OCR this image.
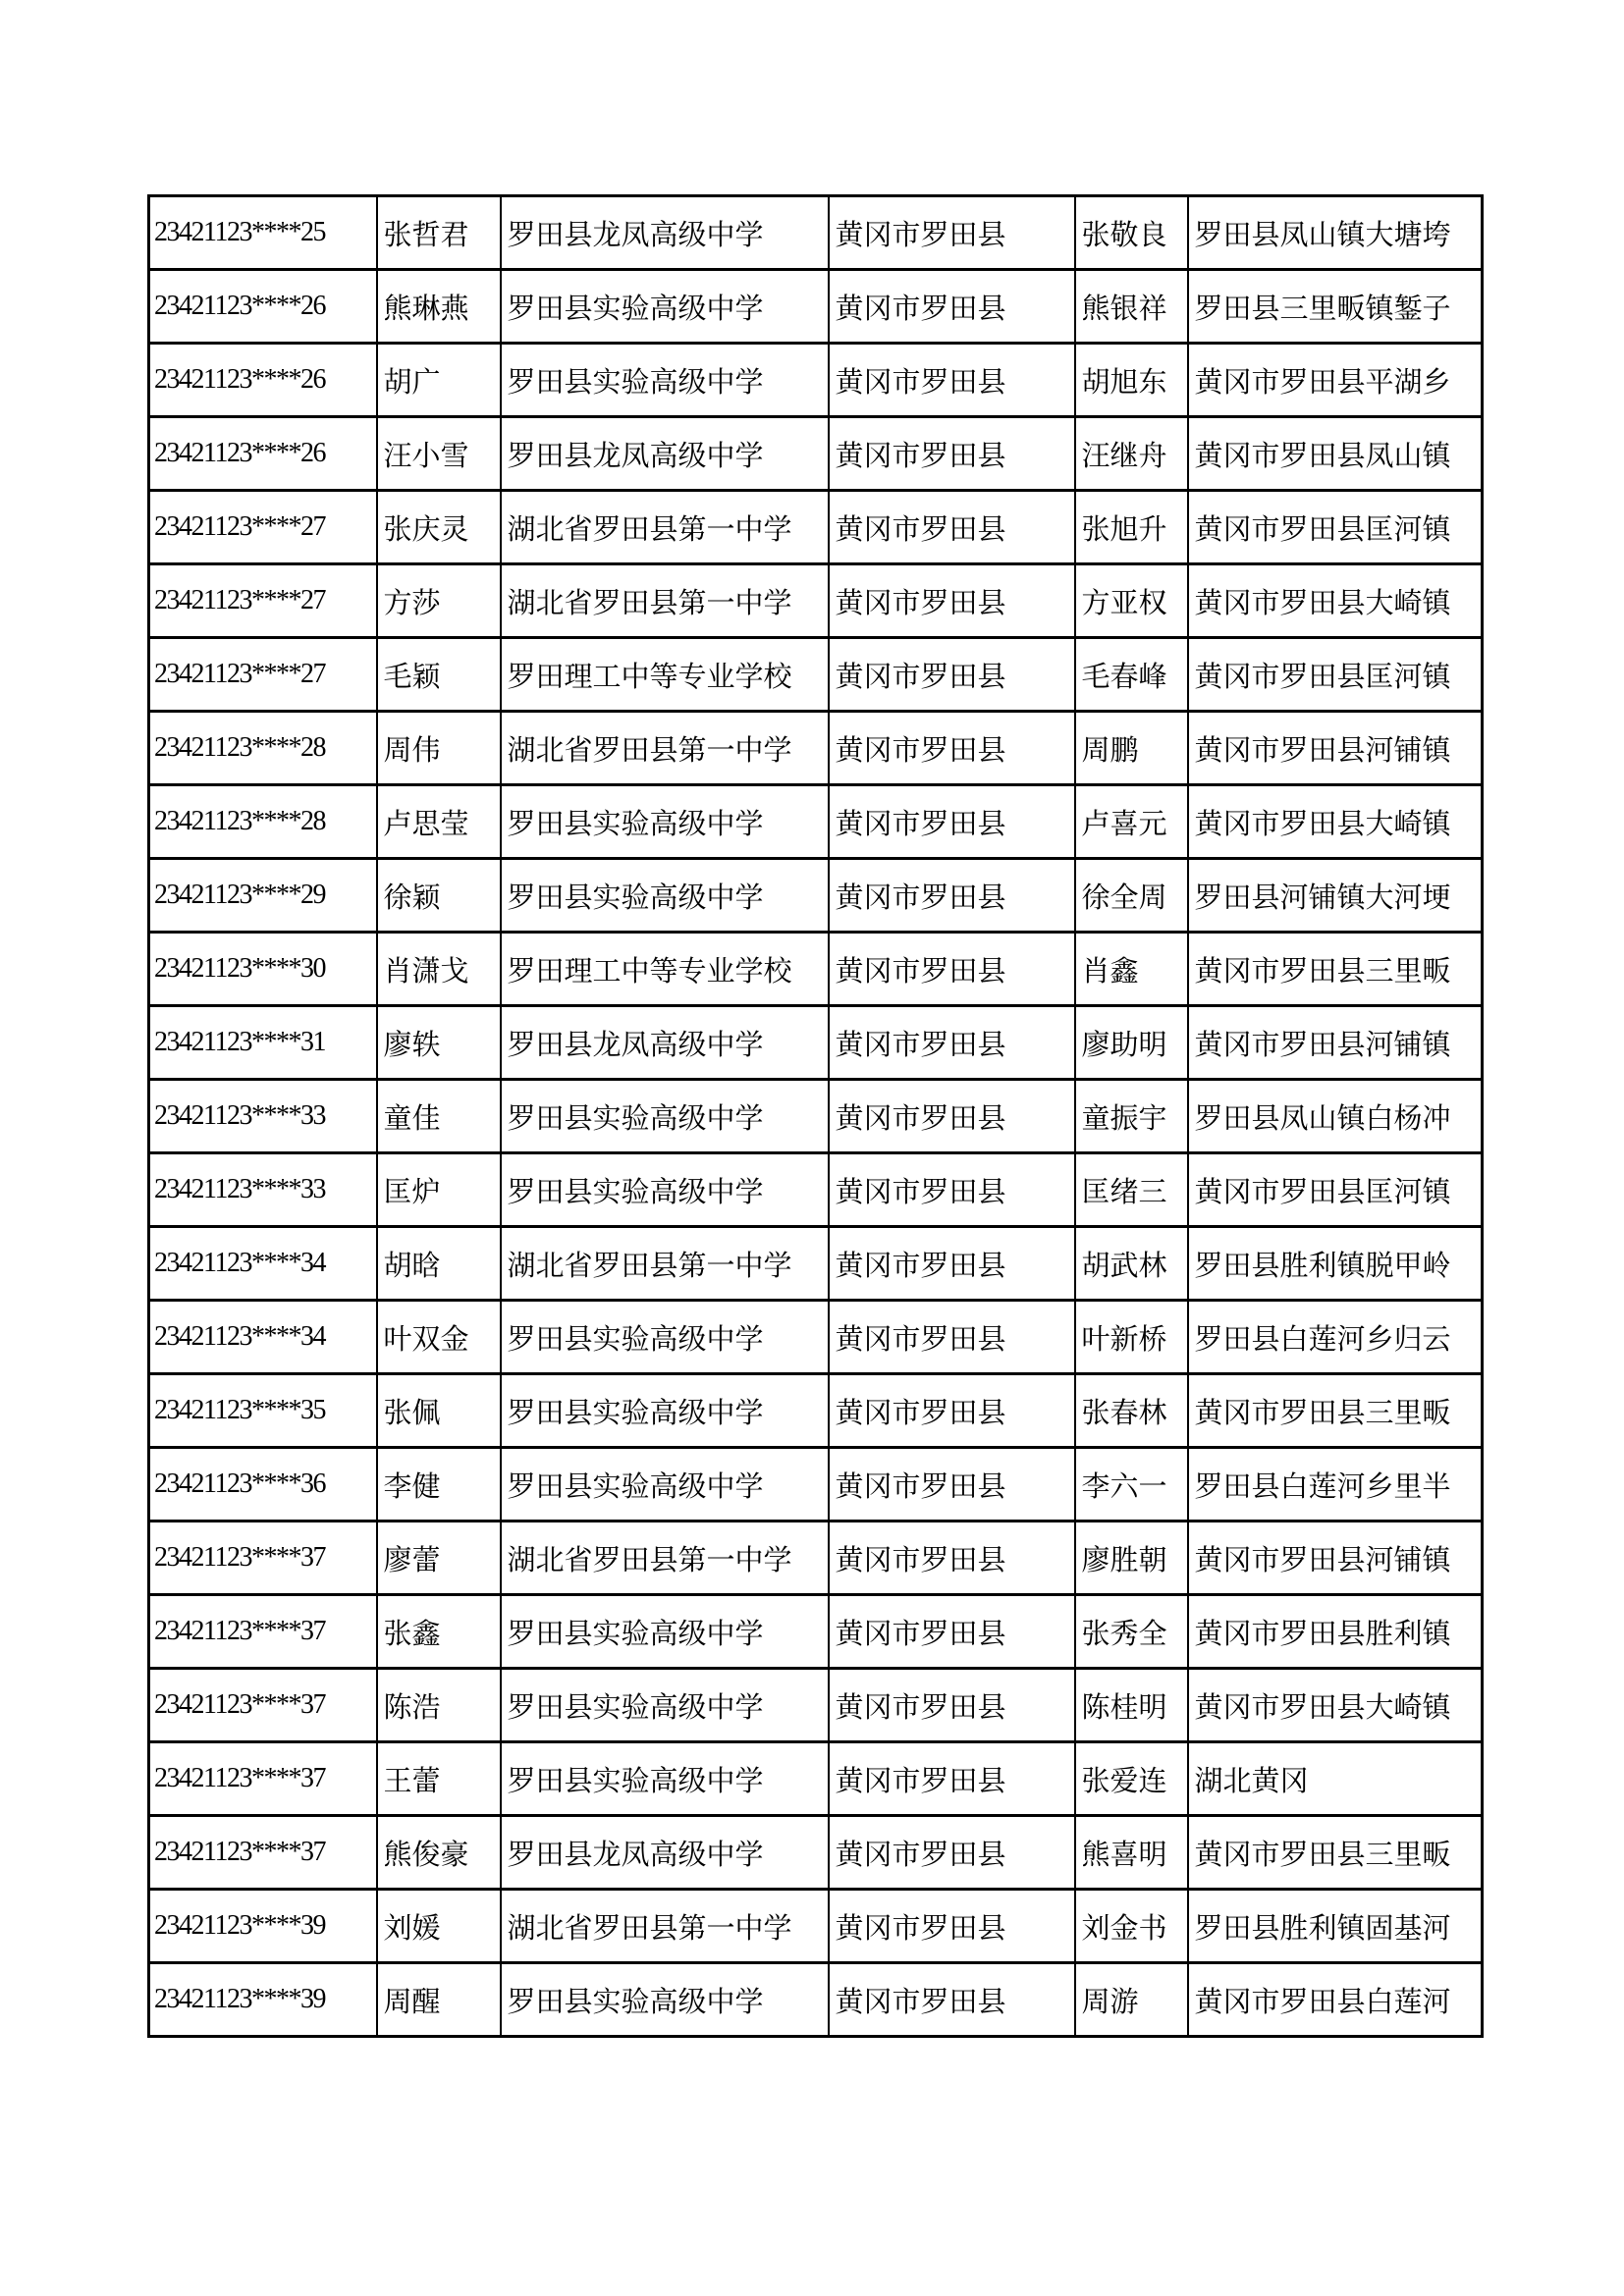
23421123****25	张哲君	罗田县龙凤高级中学	黄冈市罗田县	张敬良	罗田县凤山镇大塘垮
23421123****26	熊琳燕	罗田县实验高级中学	黄冈市罗田县	熊银祥	罗田县三里畈镇錾子
23421123****26	胡广	罗田县实验高级中学	黄冈市罗田县	胡旭东	黄冈市罗田县平湖乡
23421123****26	汪小雪	罗田县龙凤高级中学	黄冈市罗田县	汪继舟	黄冈市罗田县凤山镇
23421123****27	张庆灵	湖北省罗田县第一中学	黄冈市罗田县	张旭升	黄冈市罗田县匡河镇
23421123****27	方莎	湖北省罗田县第一中学	黄冈市罗田县	方亚权	黄冈市罗田县大崎镇
23421123****27	毛颖	罗田理工中等专业学校	黄冈市罗田县	毛春峰	黄冈市罗田县匡河镇
23421123****28	周伟	湖北省罗田县第一中学	黄冈市罗田县	周鹏	黄冈市罗田县河铺镇
23421123****28	卢思莹	罗田县实验高级中学	黄冈市罗田县	卢喜元	黄冈市罗田县大崎镇
23421123****29	徐颖	罗田县实验高级中学	黄冈市罗田县	徐全周	罗田县河铺镇大河埂
23421123****30	肖潇戈	罗田理工中等专业学校	黄冈市罗田县	肖鑫	黄冈市罗田县三里畈
23421123****31	廖轶	罗田县龙凤高级中学	黄冈市罗田县	廖助明	黄冈市罗田县河铺镇
23421123****33	童佳	罗田县实验高级中学	黄冈市罗田县	童振宇	罗田县凤山镇白杨冲
23421123****33	匡炉	罗田县实验高级中学	黄冈市罗田县	匡绪三	黄冈市罗田县匡河镇
23421123****34	胡晗	湖北省罗田县第一中学	黄冈市罗田县	胡武林	罗田县胜利镇脱甲岭
23421123****34	叶双金	罗田县实验高级中学	黄冈市罗田县	叶新桥	罗田县白莲河乡归云
23421123****35	张佩	罗田县实验高级中学	黄冈市罗田县	张春林	黄冈市罗田县三里畈
23421123****36	李健	罗田县实验高级中学	黄冈市罗田县	李六一	罗田县白莲河乡里半
23421123****37	廖蕾	湖北省罗田县第一中学	黄冈市罗田县	廖胜朝	黄冈市罗田县河铺镇
23421123****37	张鑫	罗田县实验高级中学	黄冈市罗田县	张秀全	黄冈市罗田县胜利镇
23421123****37	陈浩	罗田县实验高级中学	黄冈市罗田县	陈桂明	黄冈市罗田县大崎镇
23421123****37	王蕾	罗田县实验高级中学	黄冈市罗田县	张爱连	湖北黄冈
23421123****37	熊俊豪	罗田县龙凤高级中学	黄冈市罗田县	熊喜明	黄冈市罗田县三里畈
23421123****39	刘媛	湖北省罗田县第一中学	黄冈市罗田县	刘金书	罗田县胜利镇固基河
23421123****39	周醒	罗田县实验高级中学	黄冈市罗田县	周游	黄冈市罗田县白莲河
